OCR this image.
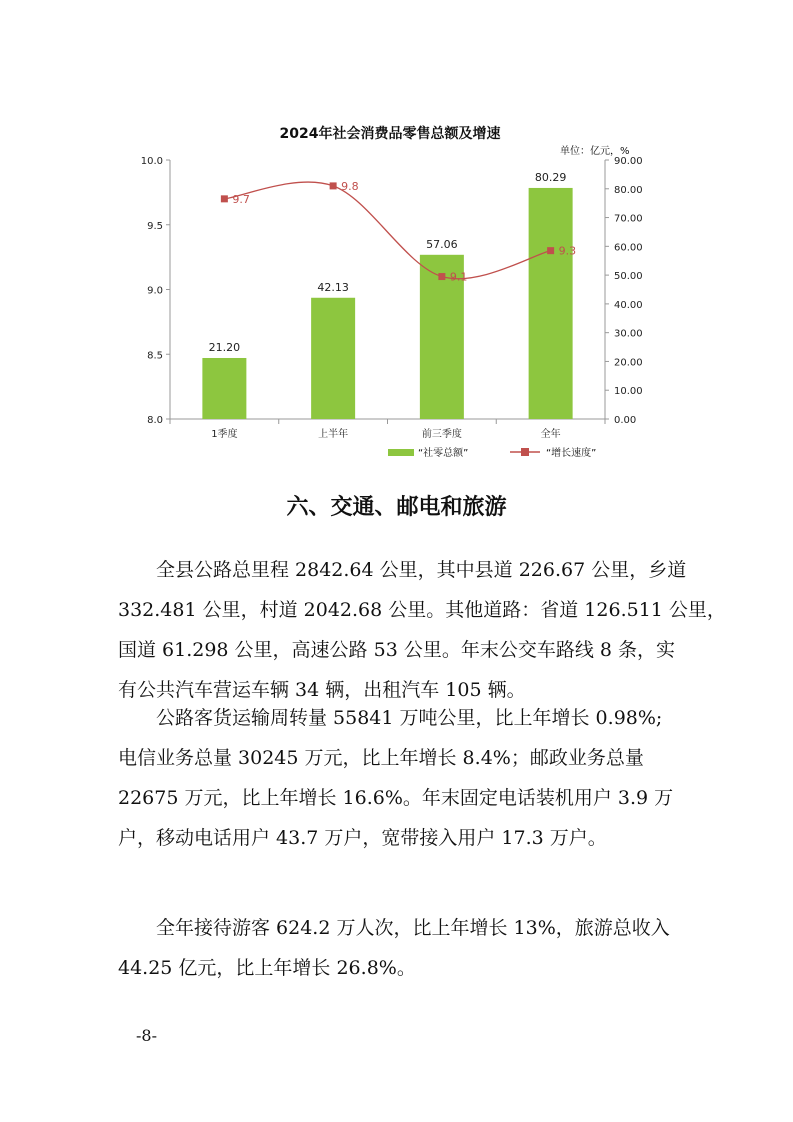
2024年社会消费品零售总额及增速
单位：亿元，%
8.0
8.5
9.0
9.5
10.0
0.00
10.00
20.00
30.00
40.00
50.00
60.00
70.00
80.00
90.00
21.20
42.13
57.06
80.29
9.7
9.8
9.1
9.3
1季度	上半年	前三季度	全年
“社零总额”	“增长速度”
六、交通、邮电和旅游

全县公路总里程 2842.64 公里，其中县道 226.67 公里，乡道
332.481 公里，村道 2042.68 公里。其他道路：省道 126.511 公里，
国道 61.298 公里，高速公路 53 公里。年末公交车路线 8 条，实
有公共汽车营运车辆 34 辆，出租汽车 105 辆。

公路客货运输周转量 55841 万吨公里，比上年增长 0.98%;
电信业务总量 30245 万元，比上年增长 8.4%；邮政业务总量
22675 万元，比上年增长 16.6%。年末固定电话装机用户 3.9 万
户，移动电话用户 43.7 万户，宽带接入用户 17.3 万户。

全年接待游客 624.2 万人次，比上年增长 13%，旅游总收入
44.25 亿元，比上年增长 26.8%。

-8-
